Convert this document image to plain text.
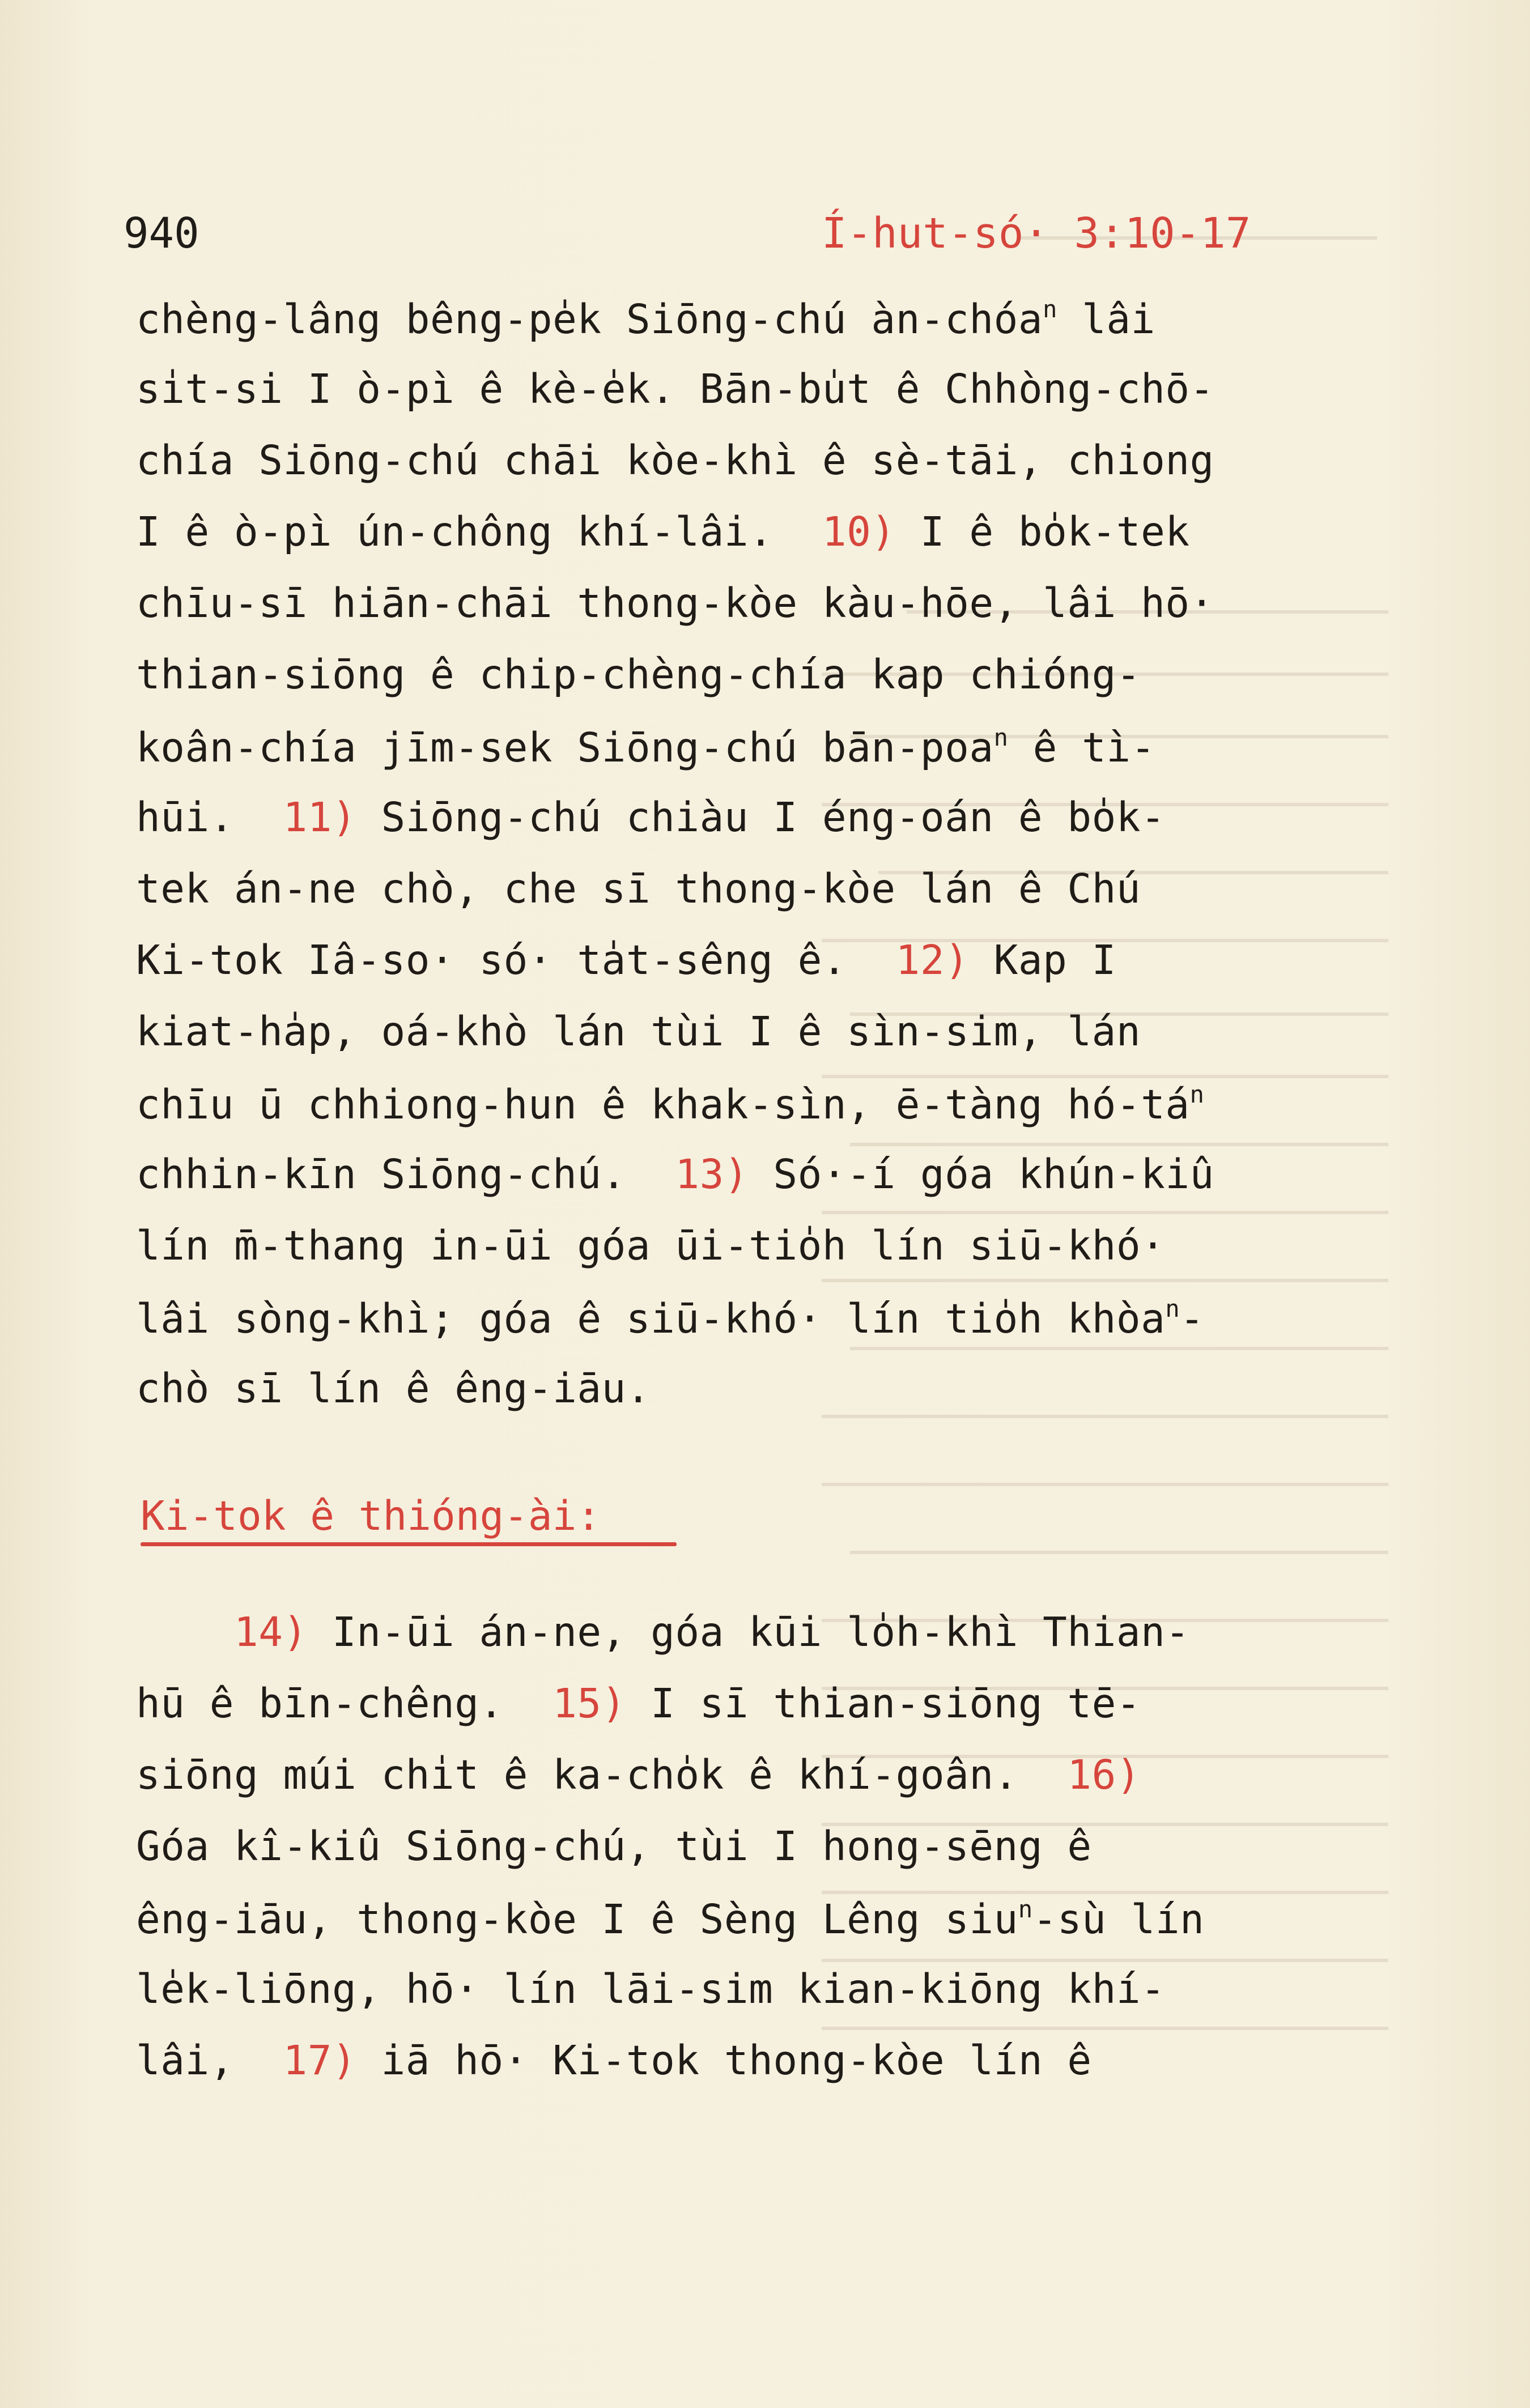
940	Í-hut-só· 3:10-17
chèng-lâng bêng-pe̍k Siōng-chú àn-chóa$^n$ lâi
si̍t-si I ò-pì ê kè-e̍k. Bān-bu̍t ê Chhòng-chō-
chía Siōng-chú chāi kòe-khì ê sè-tāi, chiong
I ê ò-pì ún-chông khí-lâi.  10) I ê bo̍k-tek
chīu-sī hiān-chāi thong-kòe kàu-hōe, lâi hō·
thian-siōng ê chip-chèng-chía kap chióng-
koân-chía jīm-sek Siōng-chú bān-poa$^n$ ê tì-
hūi.  11) Siōng-chú chiàu I éng-oán ê bo̍k-
tek án-ne chò, che sī thong-kòe lán ê Chú
Ki-tok Iâ-so· só· ta̍t-sêng ê.  12) Kap I
kiat-ha̍p, oá-khò lán tùi I ê sìn-sim, lán
chīu ū chhiong-hun ê khak-sìn, ē-tàng $hó-tá^n$
chhin-kīn Siōng-chú.  13) Só·-í góa khún-kiû
lín m̄-thang in-ūi góa ūi-tio̍h lín siū-khó·
lâi sòng-khì; góa ê siū-khó· lín tio̍h khòa$^n$-
chò sī lín ê êng-iāu.
Ki-tok ê thióng-ài:
14) In-ūi án-ne, góa kūi lo̍h-khì Thian-
hū ê bīn-chêng.  15) I sī thian-siōng tē-
siōng múi chi̍t ê ka-cho̍k ê khí-goân.  16)
Góa kî-kiû Siōng-chú, tùi I hong-sēng ê
êng-iāu, thong-kòe I ê Sèng Lêng siu$^n$-sù lín
le̍k-liōng, hō· lín lāi-sim kian-kiōng khí-
lâi,  17) iā hō· Ki-tok thong-kòe lín ê
